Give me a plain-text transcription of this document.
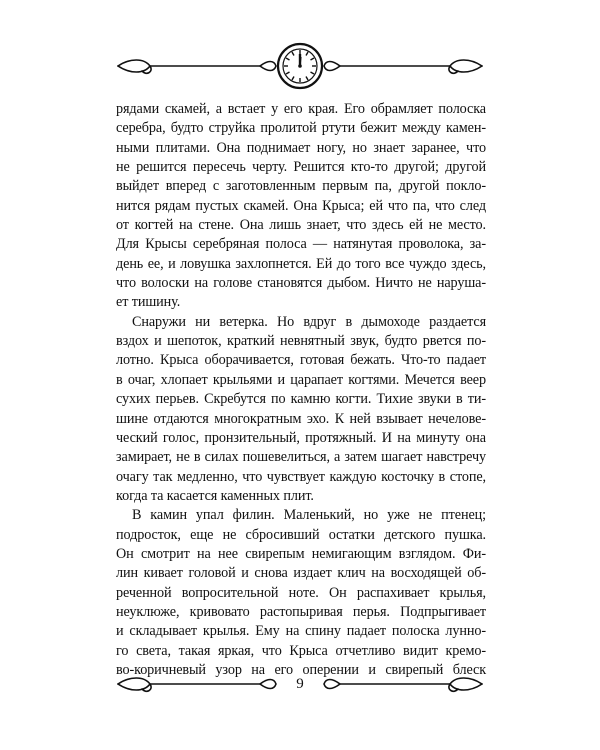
рядами скамей, а встает у его края. Его обрамляет полоска
серебра, будто струйка пролитой ртути бежит между камен-
ными плитами. Она поднимает ногу, но знает заранее, что
не решится пересечь черту. Решится кто-то другой; другой
выйдет вперед с заготовленным первым па, другой покло-
нится рядам пустых скамей. Она Крыса; ей что па, что след
от когтей на стене. Она лишь знает, что здесь ей не место.
Для Крысы серебряная полоса — натянутая проволока, за-
день ее, и ловушка захлопнется. Ей до того все чуждо здесь,
что волоски на голове становятся дыбом. Ничто не наруша-
ет тишину.

Снаружи ни ветерка. Но вдруг в дымоходе раздается
вздох и шепоток, краткий невнятный звук, будто рвется по-
лотно. Крыса оборачивается, готовая бежать. Что-то падает
в очаг, хлопает крыльями и царапает когтями. Мечется веер
сухих перьев. Скребутся по камню когти. Тихие звуки в ти-
шине отдаются многократным эхо. К ней взывает нечелове-
ческий голос, пронзительный, протяжный. И на минуту она
замирает, не в силах пошевелиться, а затем шагает навстречу
очагу так медленно, что чувствует каждую косточку в стопе,
когда та касается каменных плит.

В камин упал филин. Маленький, но уже не птенец;
подросток, еще не сбросивший остатки детского пушка.
Он смотрит на нее свирепым немигающим взглядом. Фи-
лин кивает головой и снова издает клич на восходящей об-
реченной вопросительной ноте. Он распахивает крылья,
неуклюже, кривовато растопыривая перья. Подпрыгивает
и складывает крылья. Ему на спину падает полоска лунно-
го света, такая яркая, что Крыса отчетливо видит кремо-
во-коричневый узор на его оперении и свирепый блеск

9
